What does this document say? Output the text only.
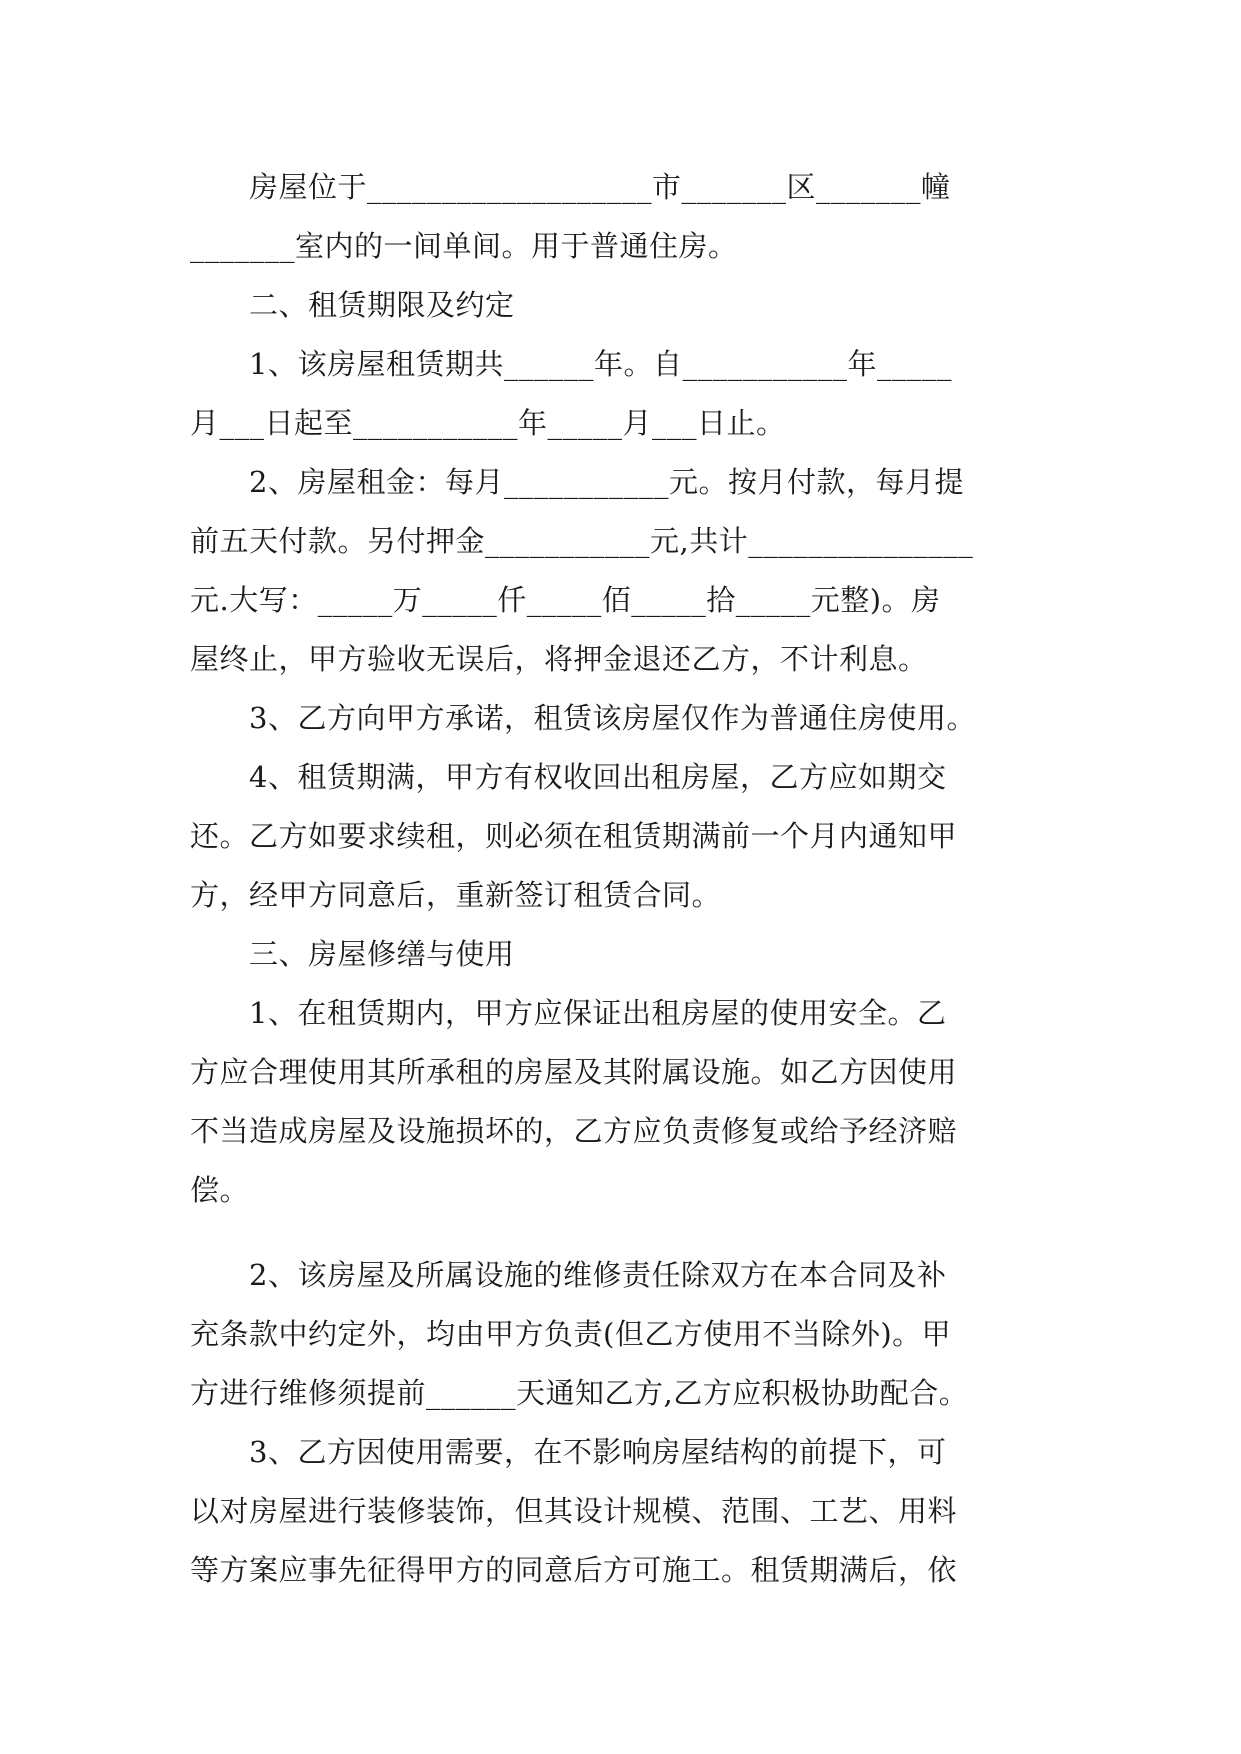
　　房屋位于___________________市_______区_______幢
_______室内的一间单间。用于普通住房。
　　二、租赁期限及约定
　　1、该房屋租赁期共______年。自___________年_____
月___日起至___________年_____月___日止。
　　2、房屋租金：每月___________元。按月付款，每月提
前五天付款。另付押金___________元,共计_______________
元.大写：_____万_____仟_____佰_____拾_____元整)。房
屋终止，甲方验收无误后，将押金退还乙方，不计利息。
　　3、乙方向甲方承诺，租赁该房屋仅作为普通住房使用。
　　4、租赁期满，甲方有权收回出租房屋，乙方应如期交
还。乙方如要求续租，则必须在租赁期满前一个月内通知甲
方，经甲方同意后，重新签订租赁合同。
　　三、房屋修缮与使用
　　1、在租赁期内，甲方应保证出租房屋的使用安全。乙
方应合理使用其所承租的房屋及其附属设施。如乙方因使用
不当造成房屋及设施损坏的，乙方应负责修复或给予经济赔
偿。
　　2、该房屋及所属设施的维修责任除双方在本合同及补
充条款中约定外，均由甲方负责(但乙方使用不当除外)。甲
方进行维修须提前______天通知乙方,乙方应积极协助配合。
　　3、乙方因使用需要，在不影响房屋结构的前提下，可
以对房屋进行装修装饰，但其设计规模、范围、工艺、用料
等方案应事先征得甲方的同意后方可施工。租赁期满后，依
